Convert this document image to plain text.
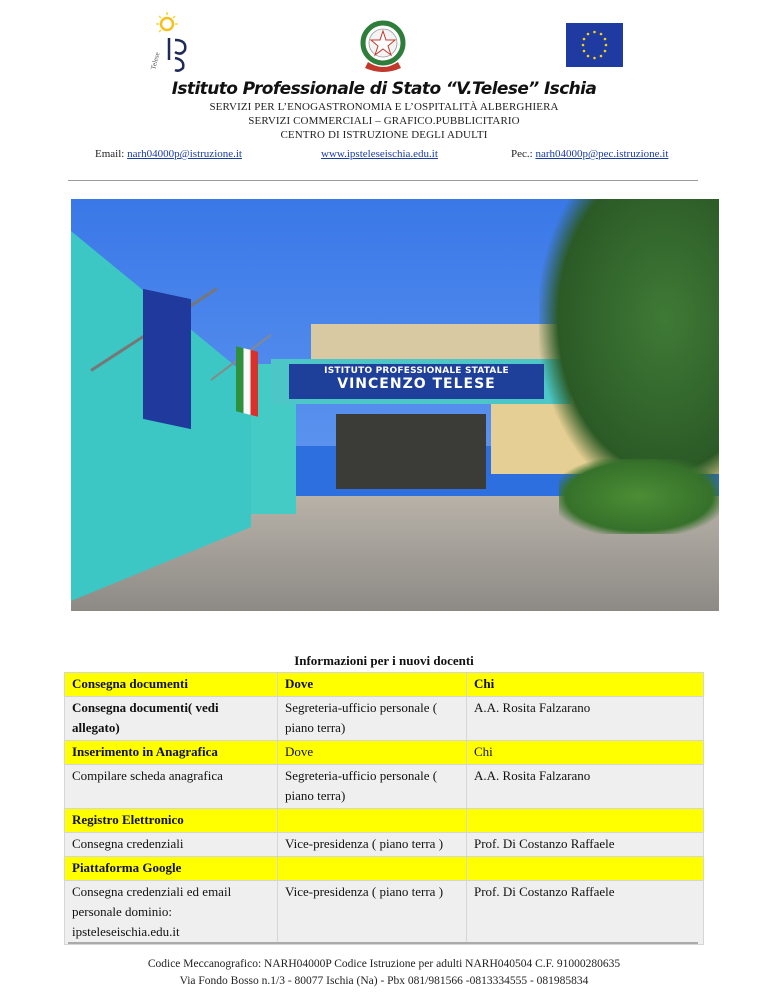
Telese
Istituto Professionale di Stato “V.Telese” Ischia
SERVIZI PER L’ENOGASTRONOMIA E L’OSPITALITÀ ALBERGHIERA
SERVIZI COMMERCIALI – GRAFICO.PUBBLICITARIO
CENTRO DI ISTRUZIONE DEGLI ADULTI
Email: narh04000p@istruzione.it	www.ipsteleseischia.edu.it	Pec.: narh04000p@pec.istruzione.it
ISTITUTO PROFESSIONALE STATALE
VINCENZO TELESE
Informazioni per i nuovi docenti
Consegna documenti	Dove	Chi
Consegna documenti( vedi allegato)	Segreteria-ufficio personale ( piano terra)	A.A. Rosita Falzarano
Inserimento in Anagrafica	Dove	Chi
Compilare scheda anagrafica	Segreteria-ufficio personale ( piano terra)	A.A. Rosita Falzarano
Registro Elettronico		
Consegna credenziali	Vice-presidenza ( piano terra )	Prof. Di Costanzo Raffaele
Piattaforma Google		
Consegna credenziali ed email personale dominio: ipsteleseischia.edu.it	Vice-presidenza ( piano terra )	Prof. Di Costanzo Raffaele
Codice Meccanografico: NARH04000P Codice Istruzione per adulti NARH040504 C.F. 91000280635
Via Fondo Bosso n.1/3 - 80077 Ischia (Na) - Pbx 081/981566 -0813334555 - 081985834
